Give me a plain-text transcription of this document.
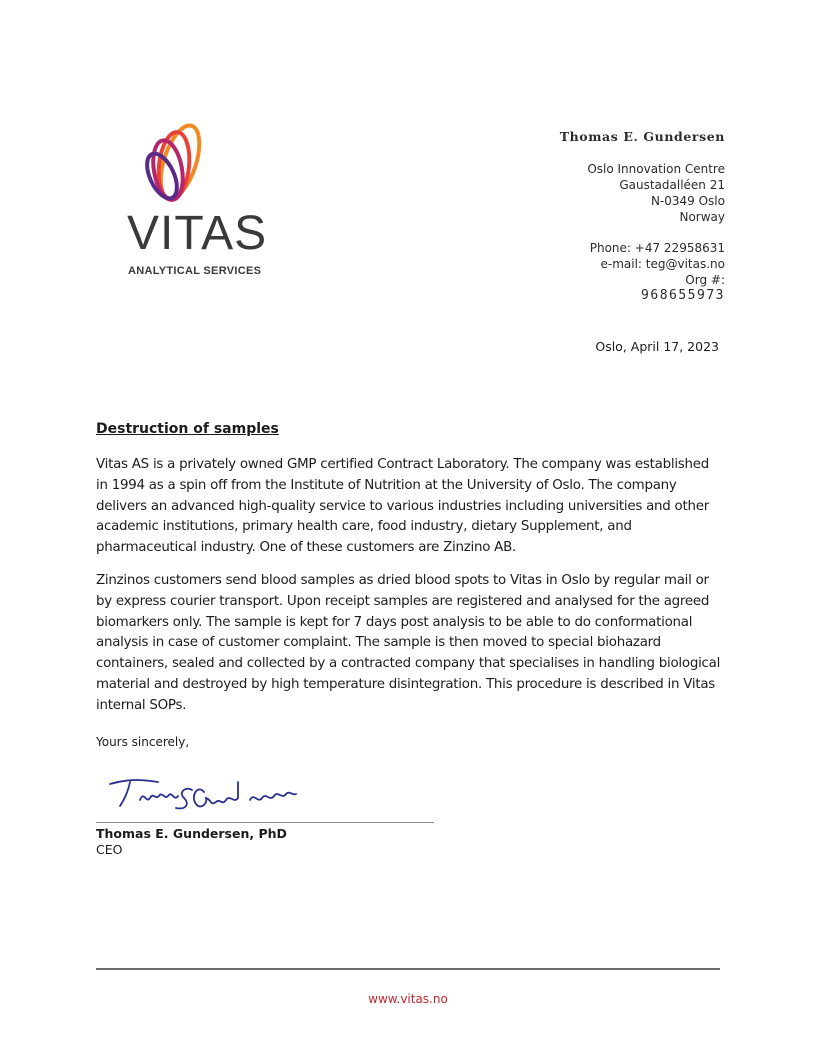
VITAS
ANALYTICAL SERVICES
Thomas E. Gundersen
Oslo Innovation Centre
Gaustadalléen 21
N-0349 Oslo
Norway
Phone: +47 22958631
e-mail: teg@vitas.no
Org #:
968655973
Oslo, April 17, 2023
Destruction of samples

Vitas AS is a privately owned GMP certified Contract Laboratory. The company was established in 1994 as a spin off from the Institute of Nutrition at the University of Oslo. The company delivers an advanced high-quality service to various industries including universities and other academic institutions, primary health care, food industry, dietary Supplement, and pharmaceutical industry. One of these customers are Zinzino AB.

Zinzinos customers send blood samples as dried blood spots to Vitas in Oslo by regular mail or by express courier transport. Upon receipt samples are registered and analysed for the agreed biomarkers only. The sample is kept for 7 days post analysis to be able to do conformational analysis in case of customer complaint. The sample is then moved to special biohazard containers, sealed and collected by a contracted company that specialises in handling biological material and destroyed by high temperature disintegration. This procedure is described in Vitas internal SOPs.

Yours sincerely,
Thomas E. Gundersen, PhD
CEO
www.vitas.no
